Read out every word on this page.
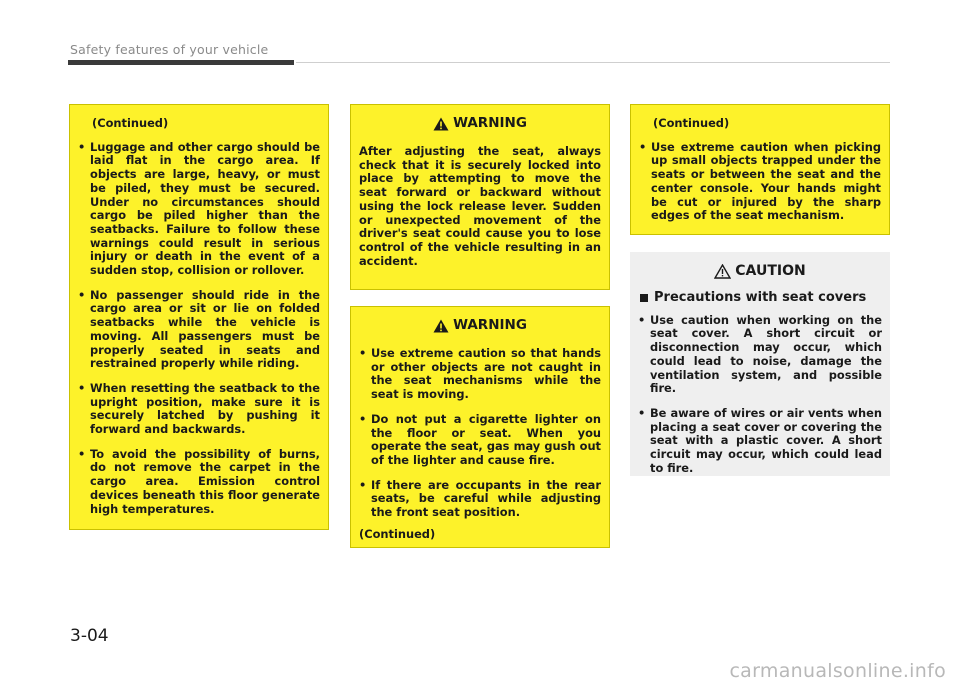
Safety features of your vehicle
(Continued)
• Luggage and other cargo should be laid flat in the cargo area. If objects are large, heavy, or must be piled, they must be secured. Under no circumstances should cargo be piled higher than the seatbacks. Failure to follow these warnings could result in serious injury or death in the event of a sudden stop, collision or rollover.
• No passenger should ride in the cargo area or sit or lie on folded seatbacks while the vehicle is moving. All passengers must be properly seated in seats and restrained properly while riding.
• When resetting the seatback to the upright position, make sure it is securely latched by pushing it forward and backwards.
• To avoid the possibility of burns, do not remove the carpet in the cargo area. Emission control devices beneath this floor generate high temperatures.
WARNING

After adjusting the seat, always check that it is securely locked into place by attempting to move the seat forward or backward without using the lock release lever. Sudden or unexpected movement of the driver's seat could cause you to lose control of the vehicle resulting in an accident.

WARNING
• Use extreme caution so that hands or other objects are not caught in the seat mechanisms while the seat is moving.
• Do not put a cigarette lighter on the floor or seat. When you operate the seat, gas may gush out of the lighter and cause fire.
• If there are occupants in the rear seats, be careful while adjusting the front seat position.
(Continued)
(Continued)
• Use extreme caution when picking up small objects trapped under the seats or between the seat and the center console. Your hands might be cut or injured by the sharp edges of the seat mechanism.
CAUTION
Precautions with seat covers
• Use caution when working on the seat cover. A short circuit or disconnection may occur, which could lead to noise, damage the ventilation system, and possible fire.
• Be aware of wires or air vents when placing a seat cover or covering the seat with a plastic cover. A short circuit may occur, which could lead to fire.
3-04
carmanualsonline.info
